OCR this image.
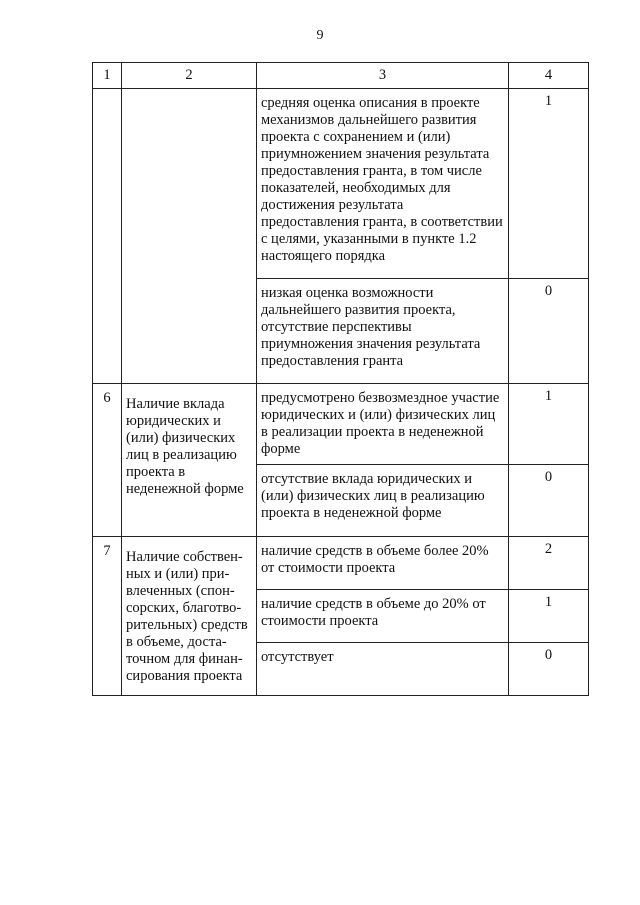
9
1	2	3	4
		средняя оценка описания в проекте механизмов дальнейшего развития проекта с сохранением и (или) приумножением значения результата предоставления гранта, в том числе показателей, необходимых для достижения результата предоставления гранта, в соответствии с целями, указанными в пункте 1.2 настоящего порядка	1
		низкая оценка возможности дальнейшего развития проекта, отсутствие перспективы приумножения значения результата предоставления гранта	0
6	Наличие вклада юридических и (или) физических лиц в реализацию проекта в неденежной форме	предусмотрено безвозмездное участие юридических и (или) физических лиц в реализации проекта в неденежной форме	1
		отсутствие вклада юридических и (или) физических лиц в реализацию проекта в неденежной форме	0
7	Наличие собствен-ных и (или) при-влеченных (спон-сорских, благотво-рительных) средств в объеме, доста-точном для финан-сирования проекта	наличие средств в объеме более 20% от стоимости проекта	2
		наличие средств в объеме до 20% от стоимости проекта	1
		отсутствует	0
